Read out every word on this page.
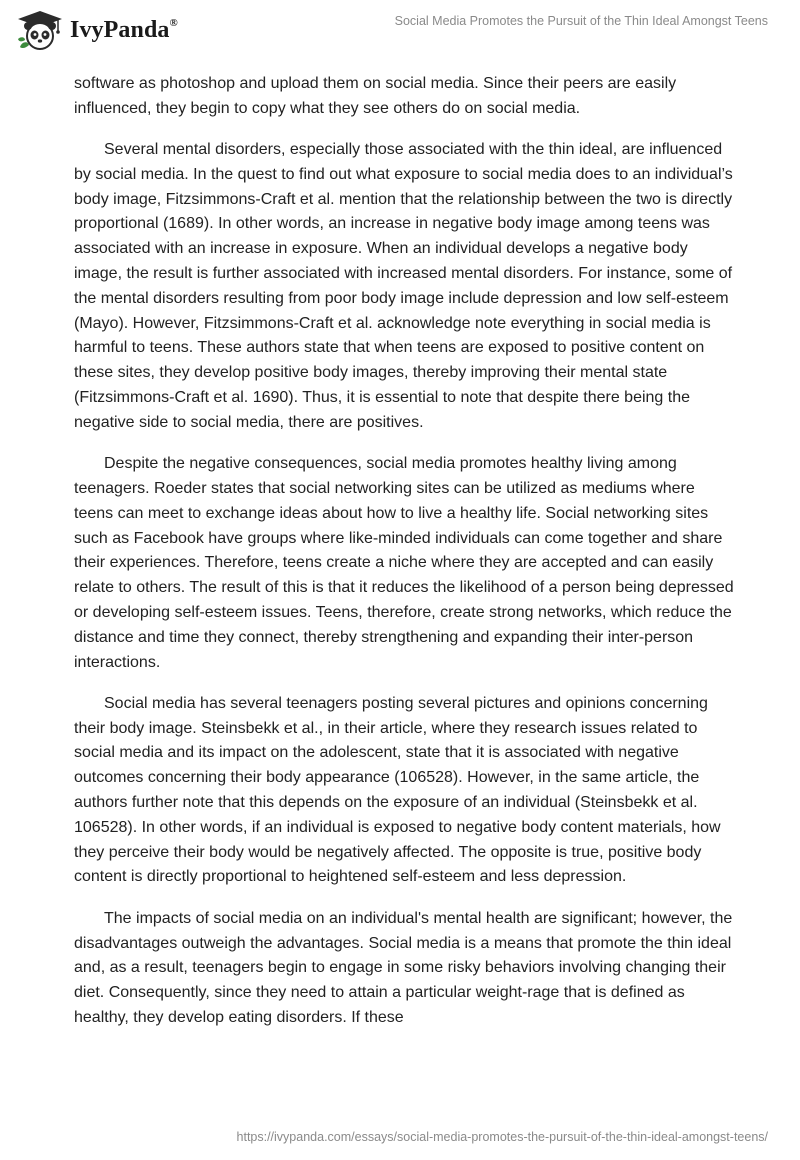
IvyPanda®	Social Media Promotes the Pursuit of the Thin Ideal Amongst Teens

software as photoshop and upload them on social media. Since their peers are easily influenced, they begin to copy what they see others do on social media.

Several mental disorders, especially those associated with the thin ideal, are influenced by social media. In the quest to find out what exposure to social media does to an individual’s body image, Fitzsimmons-Craft et al. mention that the relationship between the two is directly proportional (1689). In other words, an increase in negative body image among teens was associated with an increase in exposure. When an individual develops a negative body image, the result is further associated with increased mental disorders. For instance, some of the mental disorders resulting from poor body image include depression and low self-esteem (Mayo). However, Fitzsimmons-Craft et al. acknowledge note everything in social media is harmful to teens. These authors state that when teens are exposed to positive content on these sites, they develop positive body images, thereby improving their mental state (Fitzsimmons-Craft et al. 1690). Thus, it is essential to note that despite there being the negative side to social media, there are positives.

Despite the negative consequences, social media promotes healthy living among teenagers. Roeder states that social networking sites can be utilized as mediums where teens can meet to exchange ideas about how to live a healthy life. Social networking sites such as Facebook have groups where like-minded individuals can come together and share their experiences. Therefore, teens create a niche where they are accepted and can easily relate to others. The result of this is that it reduces the likelihood of a person being depressed or developing self-esteem issues. Teens, therefore, create strong networks, which reduce the distance and time they connect, thereby strengthening and expanding their inter-person interactions.

Social media has several teenagers posting several pictures and opinions concerning their body image. Steinsbekk et al., in their article, where they research issues related to social media and its impact on the adolescent, state that it is associated with negative outcomes concerning their body appearance (106528). However, in the same article, the authors further note that this depends on the exposure of an individual (Steinsbekk et al. 106528). In other words, if an individual is exposed to negative body content materials, how they perceive their body would be negatively affected. The opposite is true, positive body content is directly proportional to heightened self-esteem and less depression.

The impacts of social media on an individual's mental health are significant; however, the disadvantages outweigh the advantages. Social media is a means that promote the thin ideal and, as a result, teenagers begin to engage in some risky behaviors involving changing their diet. Consequently, since they need to attain a particular weight-rage that is defined as healthy, they develop eating disorders. If these

https://ivypanda.com/essays/social-media-promotes-the-pursuit-of-the-thin-ideal-amongst-teens/
